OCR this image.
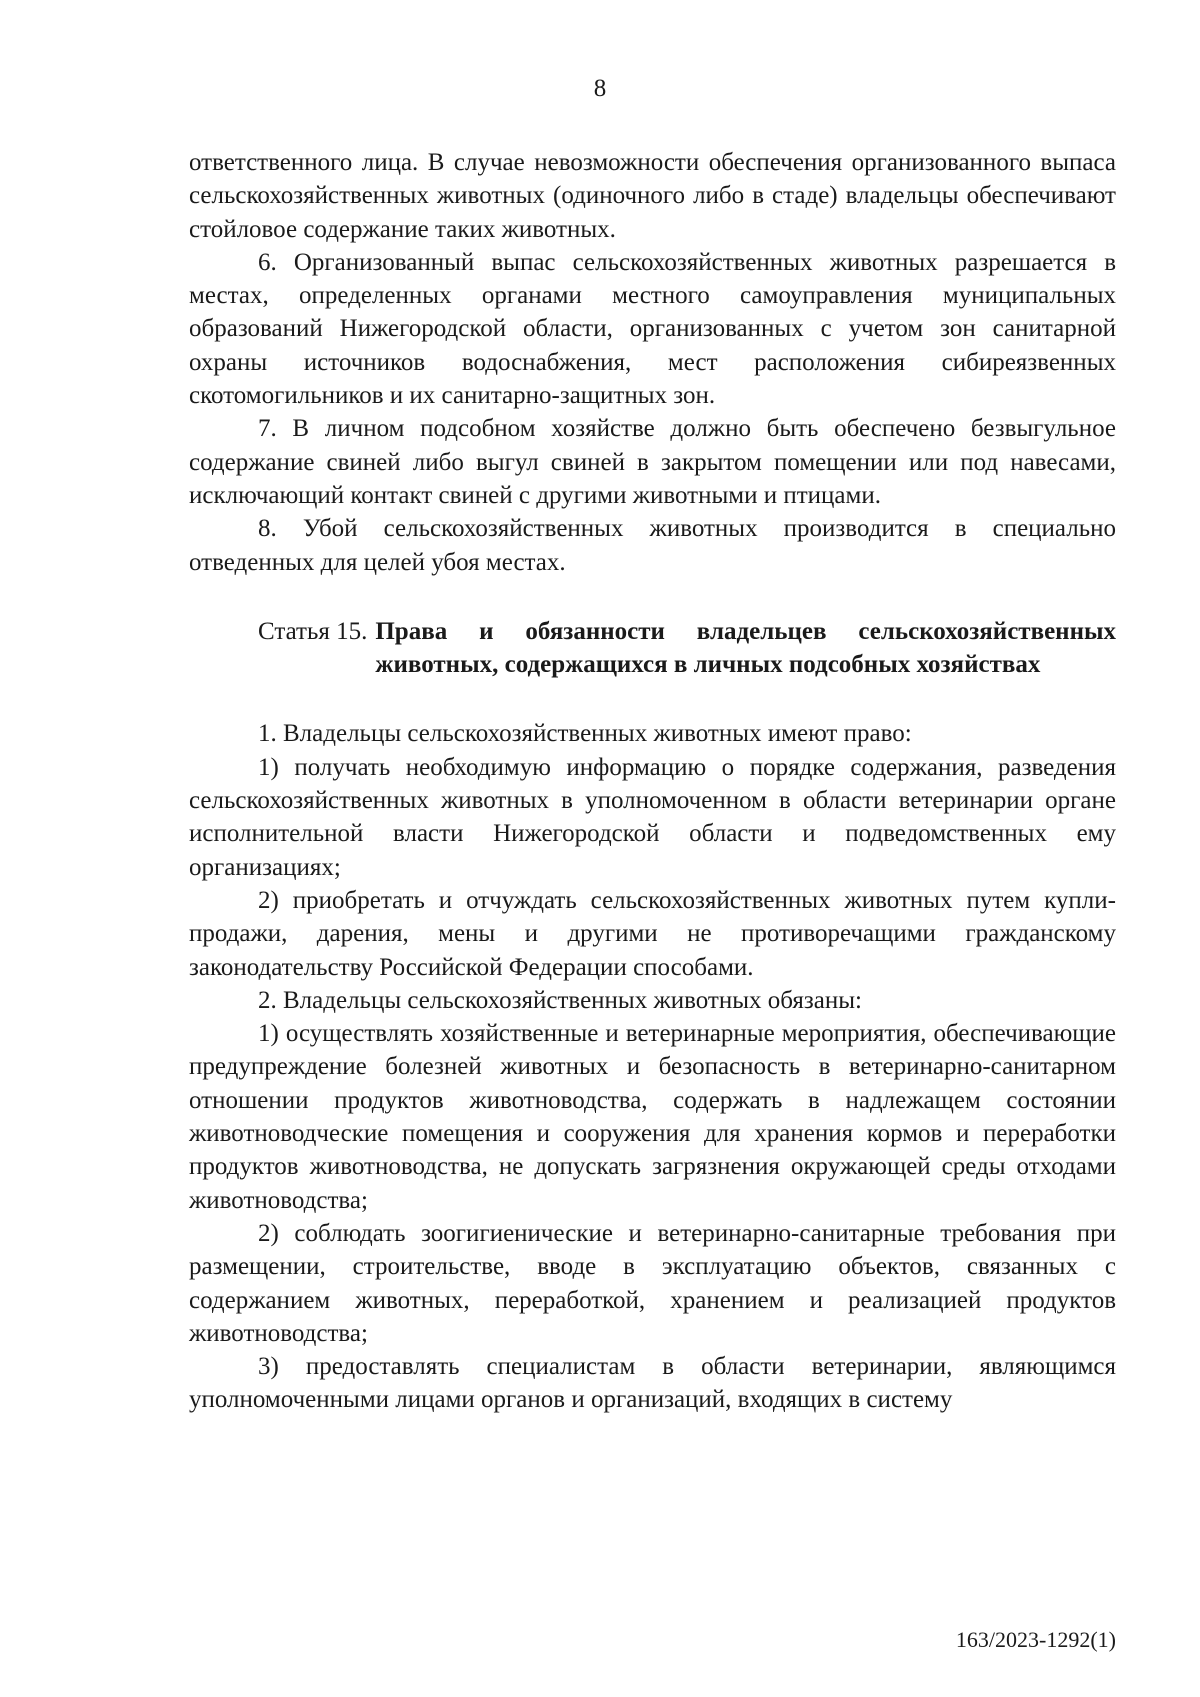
8

ответственного лица. В случае невозможности обеспечения организованного выпаса сельскохозяйственных животных (одиночного либо в стаде) владельцы обеспечивают стойловое содержание таких животных.

6. Организованный выпас сельскохозяйственных животных разрешается в местах, определенных органами местного самоуправления муниципальных образований Нижегородской области, организованных с учетом зон санитарной охраны источников водоснабжения, мест расположения сибиреязвенных скотомогильников и их санитарно-защитных зон.

7. В личном подсобном хозяйстве должно быть обеспечено безвыгульное содержание свиней либо выгул свиней в закрытом помещении или под навесами, исключающий контакт свиней с другими животными и птицами.

8. Убой сельскохозяйственных животных производится в специально отведенных для целей убоя местах.

Статья 15. Права и обязанности владельцев сельскохозяйственных животных, содержащихся в личных подсобных хозяйствах

1. Владельцы сельскохозяйственных животных имеют право:

1) получать необходимую информацию о порядке содержания, разведения сельскохозяйственных животных в уполномоченном в области ветеринарии органе исполнительной власти Нижегородской области и подведомственных ему организациях;

2) приобретать и отчуждать сельскохозяйственных животных путем купли-продажи, дарения, мены и другими не противоречащими гражданскому законодательству Российской Федерации способами.

2. Владельцы сельскохозяйственных животных обязаны:

1) осуществлять хозяйственные и ветеринарные мероприятия, обеспечивающие предупреждение болезней животных и безопасность в ветеринарно-санитарном отношении продуктов животноводства, содержать в надлежащем состоянии животноводческие помещения и сооружения для хранения кормов и переработки продуктов животноводства, не допускать загрязнения окружающей среды отходами животноводства;

2) соблюдать зоогигиенические и ветеринарно-санитарные требования при размещении, строительстве, вводе в эксплуатацию объектов, связанных с содержанием животных, переработкой, хранением и реализацией продуктов животноводства;

3) предоставлять специалистам в области ветеринарии, являющимся уполномоченными лицами органов и организаций, входящих в систему

163/2023-1292(1)
